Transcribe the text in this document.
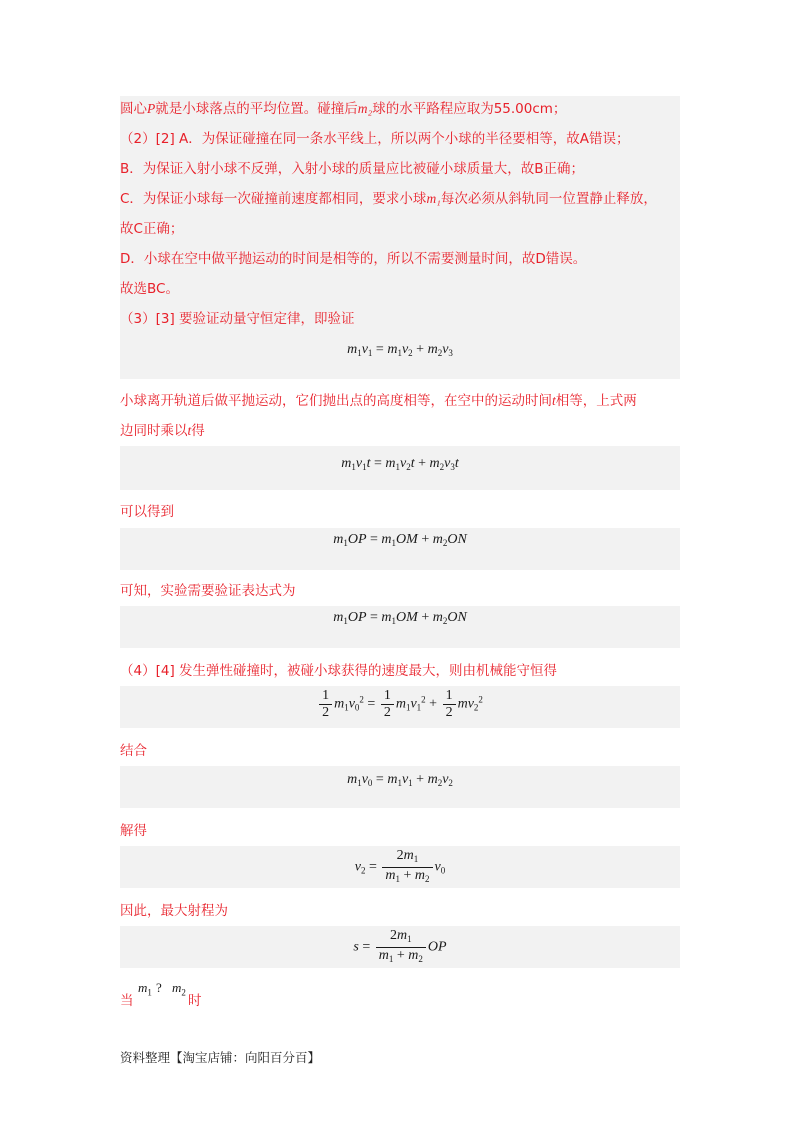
圆心P就是小球落点的平均位置。碰撞后m₂球的水平路程应取为55.00cm；
（2）[2] A．为保证碰撞在同一条水平线上，所以两个小球的半径要相等，故A错误；
B．为保证入射小球不反弹，入射小球的质量应比被碰小球质量大，故B正确；
C．为保证小球每一次碰撞前速度都相同，要求小球m₁每次必须从斜轨同一位置静止释放，
故C正确；
D．小球在空中做平抛运动的时间是相等的，所以不需要测量时间，故D错误。
故选BC。
（3）[3] 要验证动量守恒定律，即验证
$m_1v_1 = m_1v_2 + m_2v_3$
小球离开轨道后做平抛运动，它们抛出点的高度相等，在空中的运动时间t相等，上式两
边同时乘以t得
$m_1v_1t = m_1v_2t + m_2v_3t$
可以得到
$m_1OP = m_1OM + m_2ON$
可知，实验需要验证表达式为
$m_1OP = m_1OM + m_2ON$
（4）[4] 发生弹性碰撞时，被碰小球获得的速度最大，则由机械能守恒得
$\frac{1}{2} m_1v_0^2 = \frac{1}{2} m_1v_1^2 + \frac{1}{2} mv_2^2$
结合
$m_1v_0 = m_1v_1 + m_2v_2$
解得
$v_2 = \frac{2m_1}{m_1 + m_2} v_0$
因此，最大射程为
$s = \frac{2m_1}{m_1 + m_2}$ OP
当
$m_1$ ? $m_2$
时
资料整理【淘宝店铺：向阳百分百】
